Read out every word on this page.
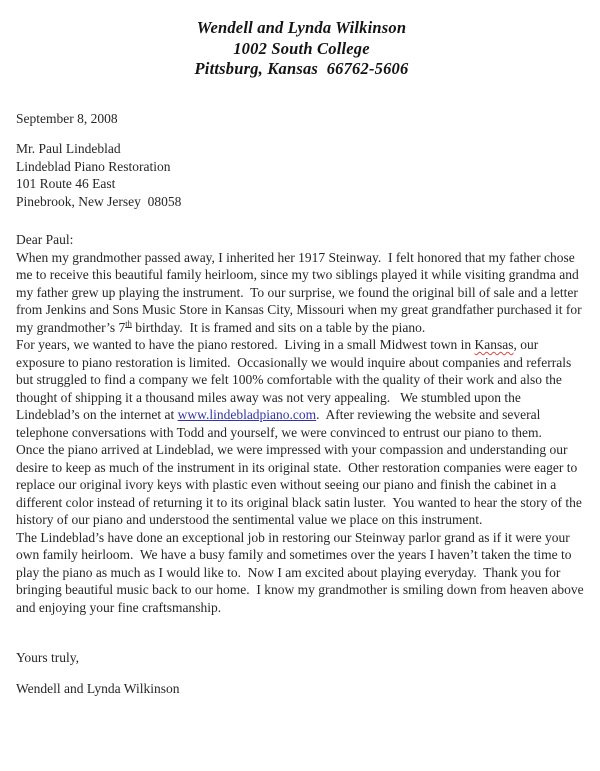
Wendell and Lynda Wilkinson
1002 South College
Pittsburg, Kansas  66762-5606
September 8, 2008
Mr. Paul Lindeblad
Lindeblad Piano Restoration
101 Route 46 East
Pinebrook, New Jersey  08058
Dear Paul:

When my grandmother passed away, I inherited her 1917 Steinway.  I felt honored that my father chose me to receive this beautiful family heirloom, since my two siblings played it while visiting grandma and my father grew up playing the instrument.  To our surprise, we found the original bill of sale and a letter from Jenkins and Sons Music Store in Kansas City, Missouri when my great grandfather purchased it for my grandmother’s 7th birthday.  It is framed and sits on a table by the piano.

For years, we wanted to have the piano restored.  Living in a small Midwest town in Kansas, our exposure to piano restoration is limited.  Occasionally we would inquire about companies and referrals but struggled to find a company we felt 100% comfortable with the quality of their work and also the thought of shipping it a thousand miles away was not very appealing.   We stumbled upon the Lindeblad’s on the internet at www.lindebladpiano.com.  After reviewing the website and several telephone conversations with Todd and yourself, we were convinced to entrust our piano to them.

Once the piano arrived at Lindeblad, we were impressed with your compassion and understanding our desire to keep as much of the instrument in its original state.  Other restoration companies were eager to replace our original ivory keys with plastic even without seeing our piano and finish the cabinet in a different color instead of returning it to its original black satin luster.  You wanted to hear the story of the history of our piano and understood the sentimental value we place on this instrument.

The Lindeblad’s have done an exceptional job in restoring our Steinway parlor grand as if it were your own family heirloom.  We have a busy family and sometimes over the years I haven’t taken the time to play the piano as much as I would like to.  Now I am excited about playing everyday.  Thank you for bringing beautiful music back to our home.  I know my grandmother is smiling down from heaven above and enjoying your fine craftsmanship.

Yours truly,
Wendell and Lynda Wilkinson
